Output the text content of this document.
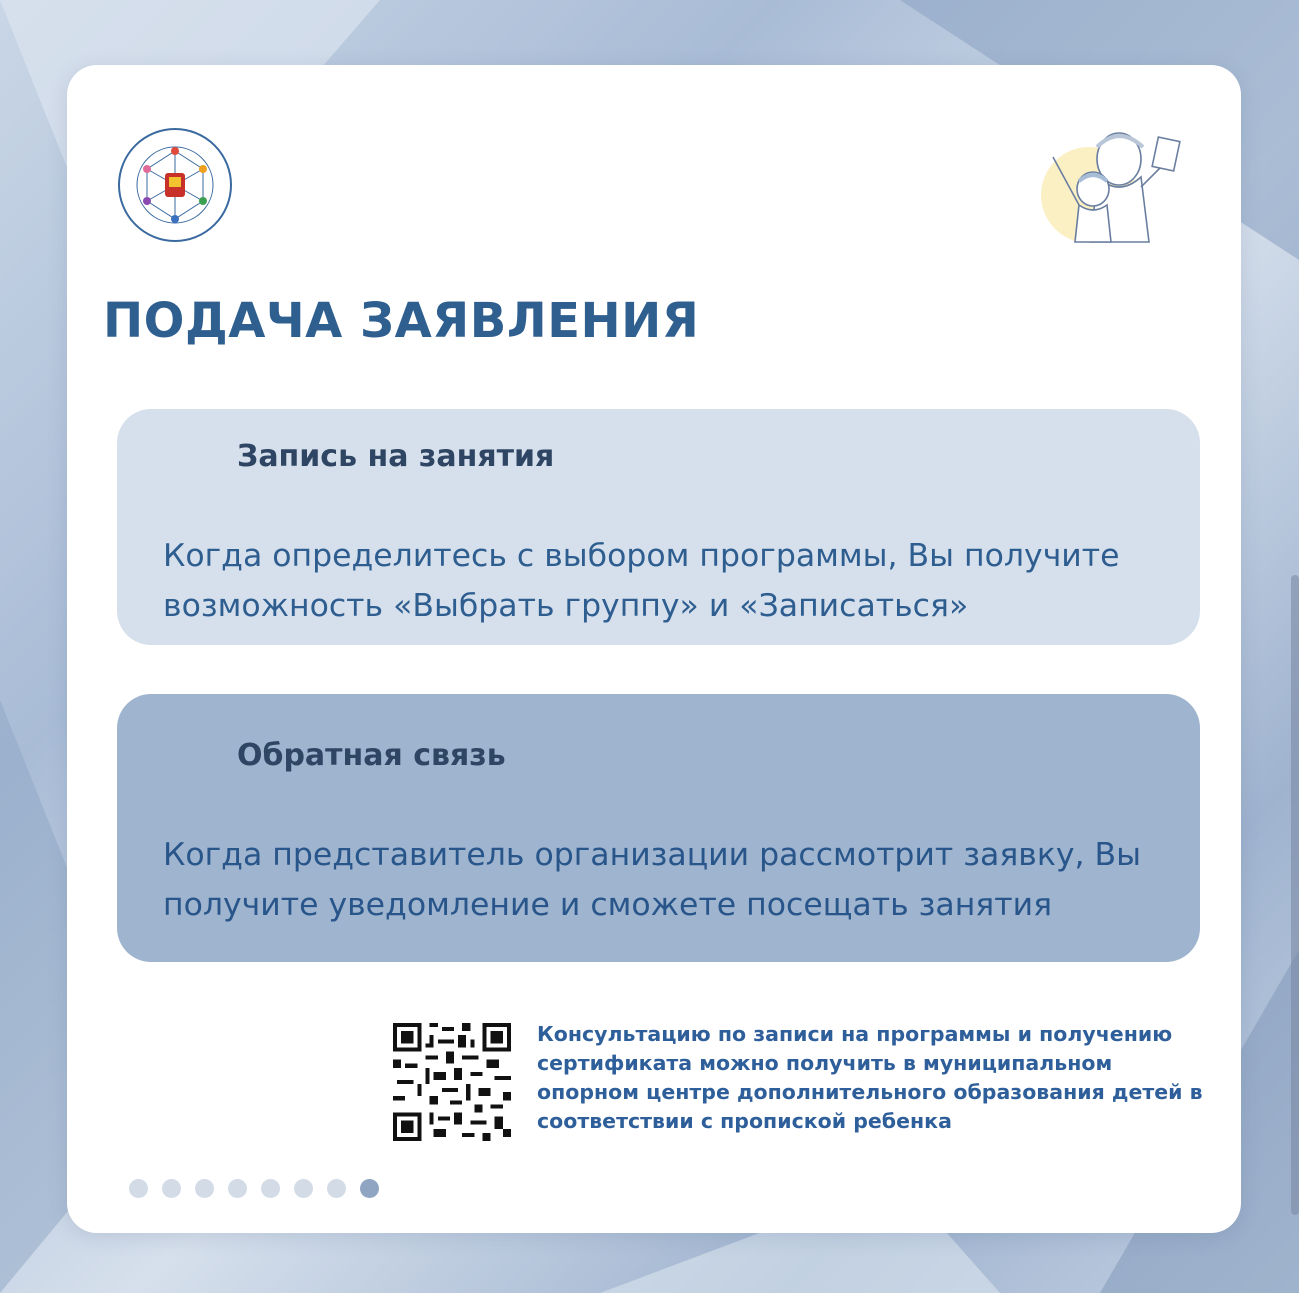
ПОДАЧА ЗАЯВЛЕНИЯ
Запись на занятия

Когда определитесь с выбором программы, Вы получите возможность «Выбрать группу» и «Записаться»

Обратная связь

Когда представитель организации рассмотрит заявку, Вы получите уведомление и сможете посещать занятия

Консультацию по записи на программы и получению сертификата можно получить в муниципальном опорном центре дополнительного образования детей в соответствии с пропиской ребенка
